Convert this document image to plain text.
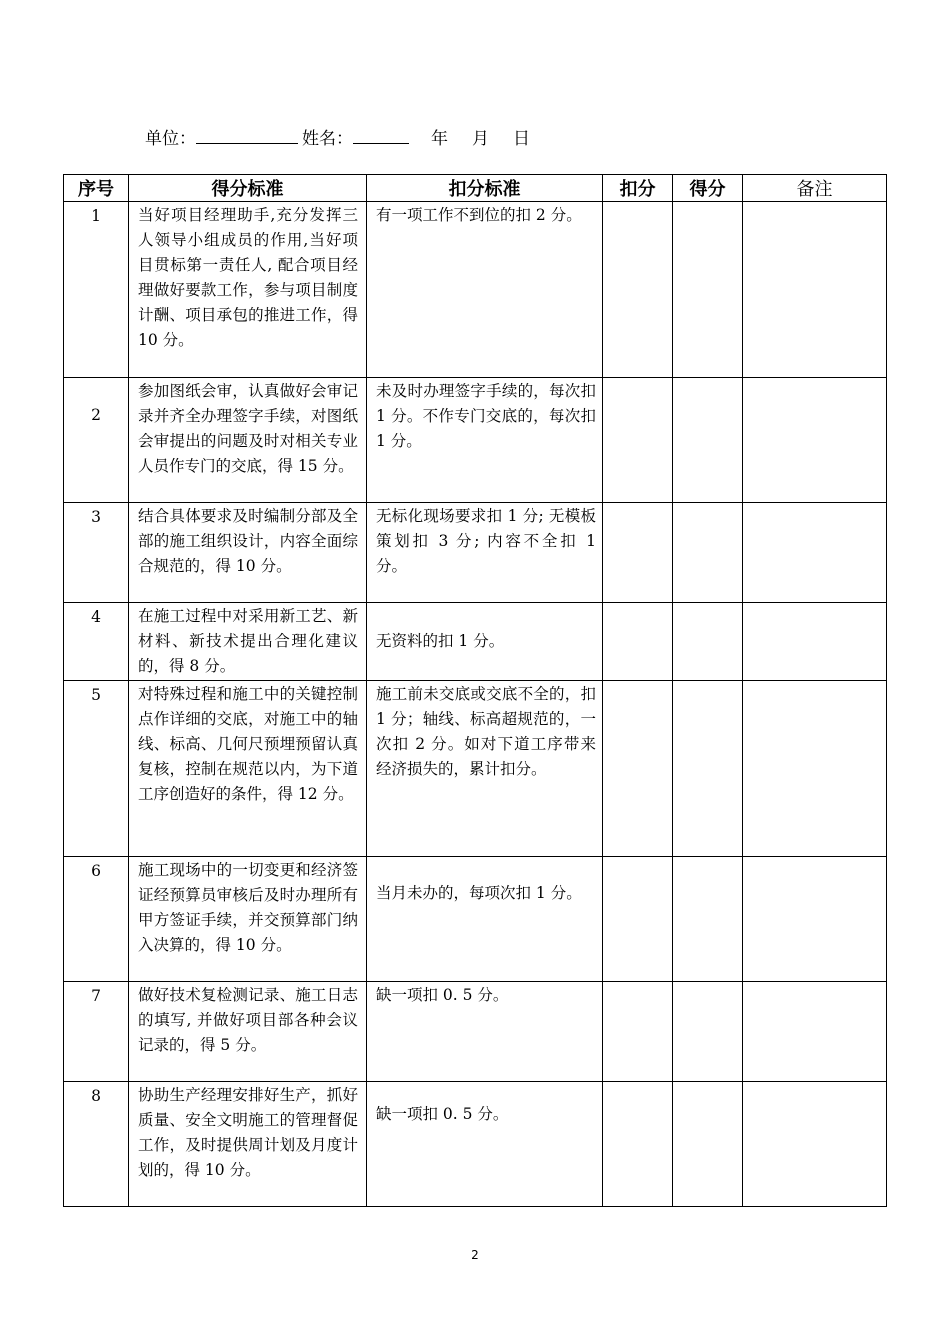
单位：	姓名：	年 月 日
序号	得分标准	扣分标准	扣分	得分	备注
1	当好项目经理助手,充分发挥三人领导小组成员的作用,当好项目贯标第一责任人, 配合项目经理做好要款工作，参与项目制度计酬、项目承包的推进工作，得 10 分。	有一项工作不到位的扣 2 分。			
2	参加图纸会审，认真做好会审记录并齐全办理签字手续，对图纸会审提出的问题及时对相关专业人员作专门的交底，得 15 分。	未及时办理签字手续的，每次扣 1 分。不作专门交底的，每次扣 1 分。			
3	结合具体要求及时编制分部及全部的施工组织设计，内容全面综合规范的，得 10 分。	无标化现场要求扣 1 分; 无模板策划扣 3 分; 内容不全扣 1 分。			
4	在施工过程中对采用新工艺、新材料、新技术提出合理化建议的，得 8 分。	无资料的扣 1 分。			
5	对特殊过程和施工中的关键控制点作详细的交底，对施工中的轴线、标高、几何尺预埋预留认真复核，控制在规范以内，为下道工序创造好的条件，得 12 分。	施工前未交底或交底不全的，扣 1 分；轴线、标高超规范的，一次扣 2 分。如对下道工序带来经济损失的，累计扣分。			
6	施工现场中的一切变更和经济签证经预算员审核后及时办理所有甲方签证手续，并交预算部门纳入决算的，得 10 分。	当月未办的，每项次扣 1 分。			
7	做好技术复检测记录、施工日志的填写, 并做好项目部各种会议记录的，得 5 分。	缺一项扣 0. 5 分。			
8	协助生产经理安排好生产，抓好质量、安全文明施工的管理督促工作，及时提供周计划及月度计划的，得 10 分。	缺一项扣 0. 5 分。			
2
